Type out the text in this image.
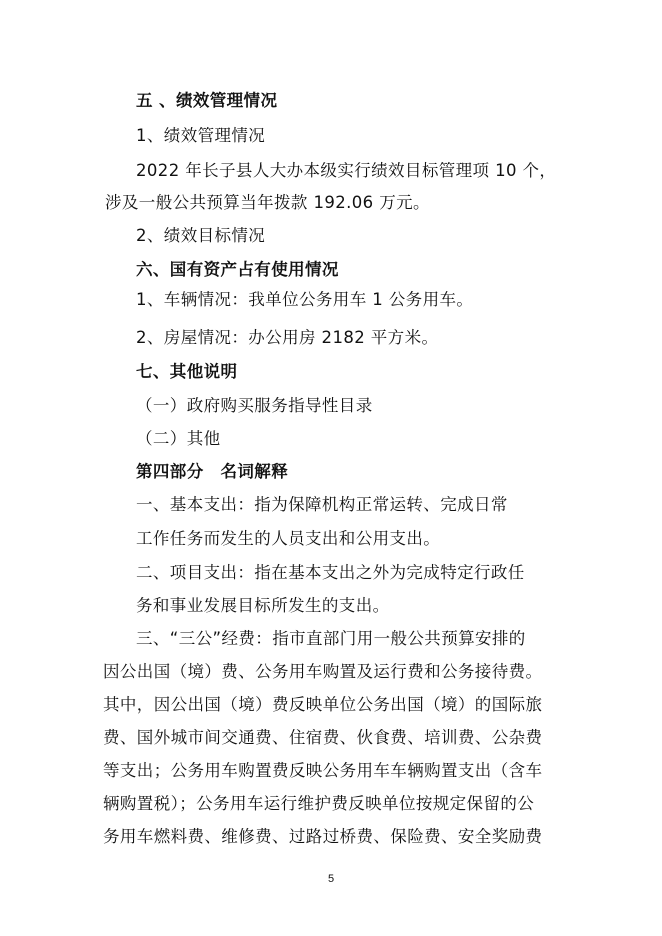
五 、绩效管理情况
1、绩效管理情况
2022 年长子县人大办本级实行绩效目标管理项 10 个，
涉及一般公共预算当年拨款 192.06 万元。
2、绩效目标情况
六、国有资产占有使用情况
1、车辆情况：我单位公务用车 1 公务用车。
2、房屋情况：办公用房 2182 平方米。
七、其他说明
（一）政府购买服务指导性目录
（二）其他
第四部分　名词解释
一、基本支出：指为保障机构正常运转、完成日常
工作任务而发生的人员支出和公用支出。
二、项目支出：指在基本支出之外为完成特定行政任
务和事业发展目标所发生的支出。
三、“三公”经费：指市直部门用一般公共预算安排的
因公出国（境）费、公务用车购置及运行费和公务接待费。
其中，因公出国（境）费反映单位公务出国（境）的国际旅
费、国外城市间交通费、住宿费、伙食费、培训费、公杂费
等支出；公务用车购置费反映公务用车车辆购置支出（含车
辆购置税）；公务用车运行维护费反映单位按规定保留的公
务用车燃料费、维修费、过路过桥费、保险费、安全奖励费
5
